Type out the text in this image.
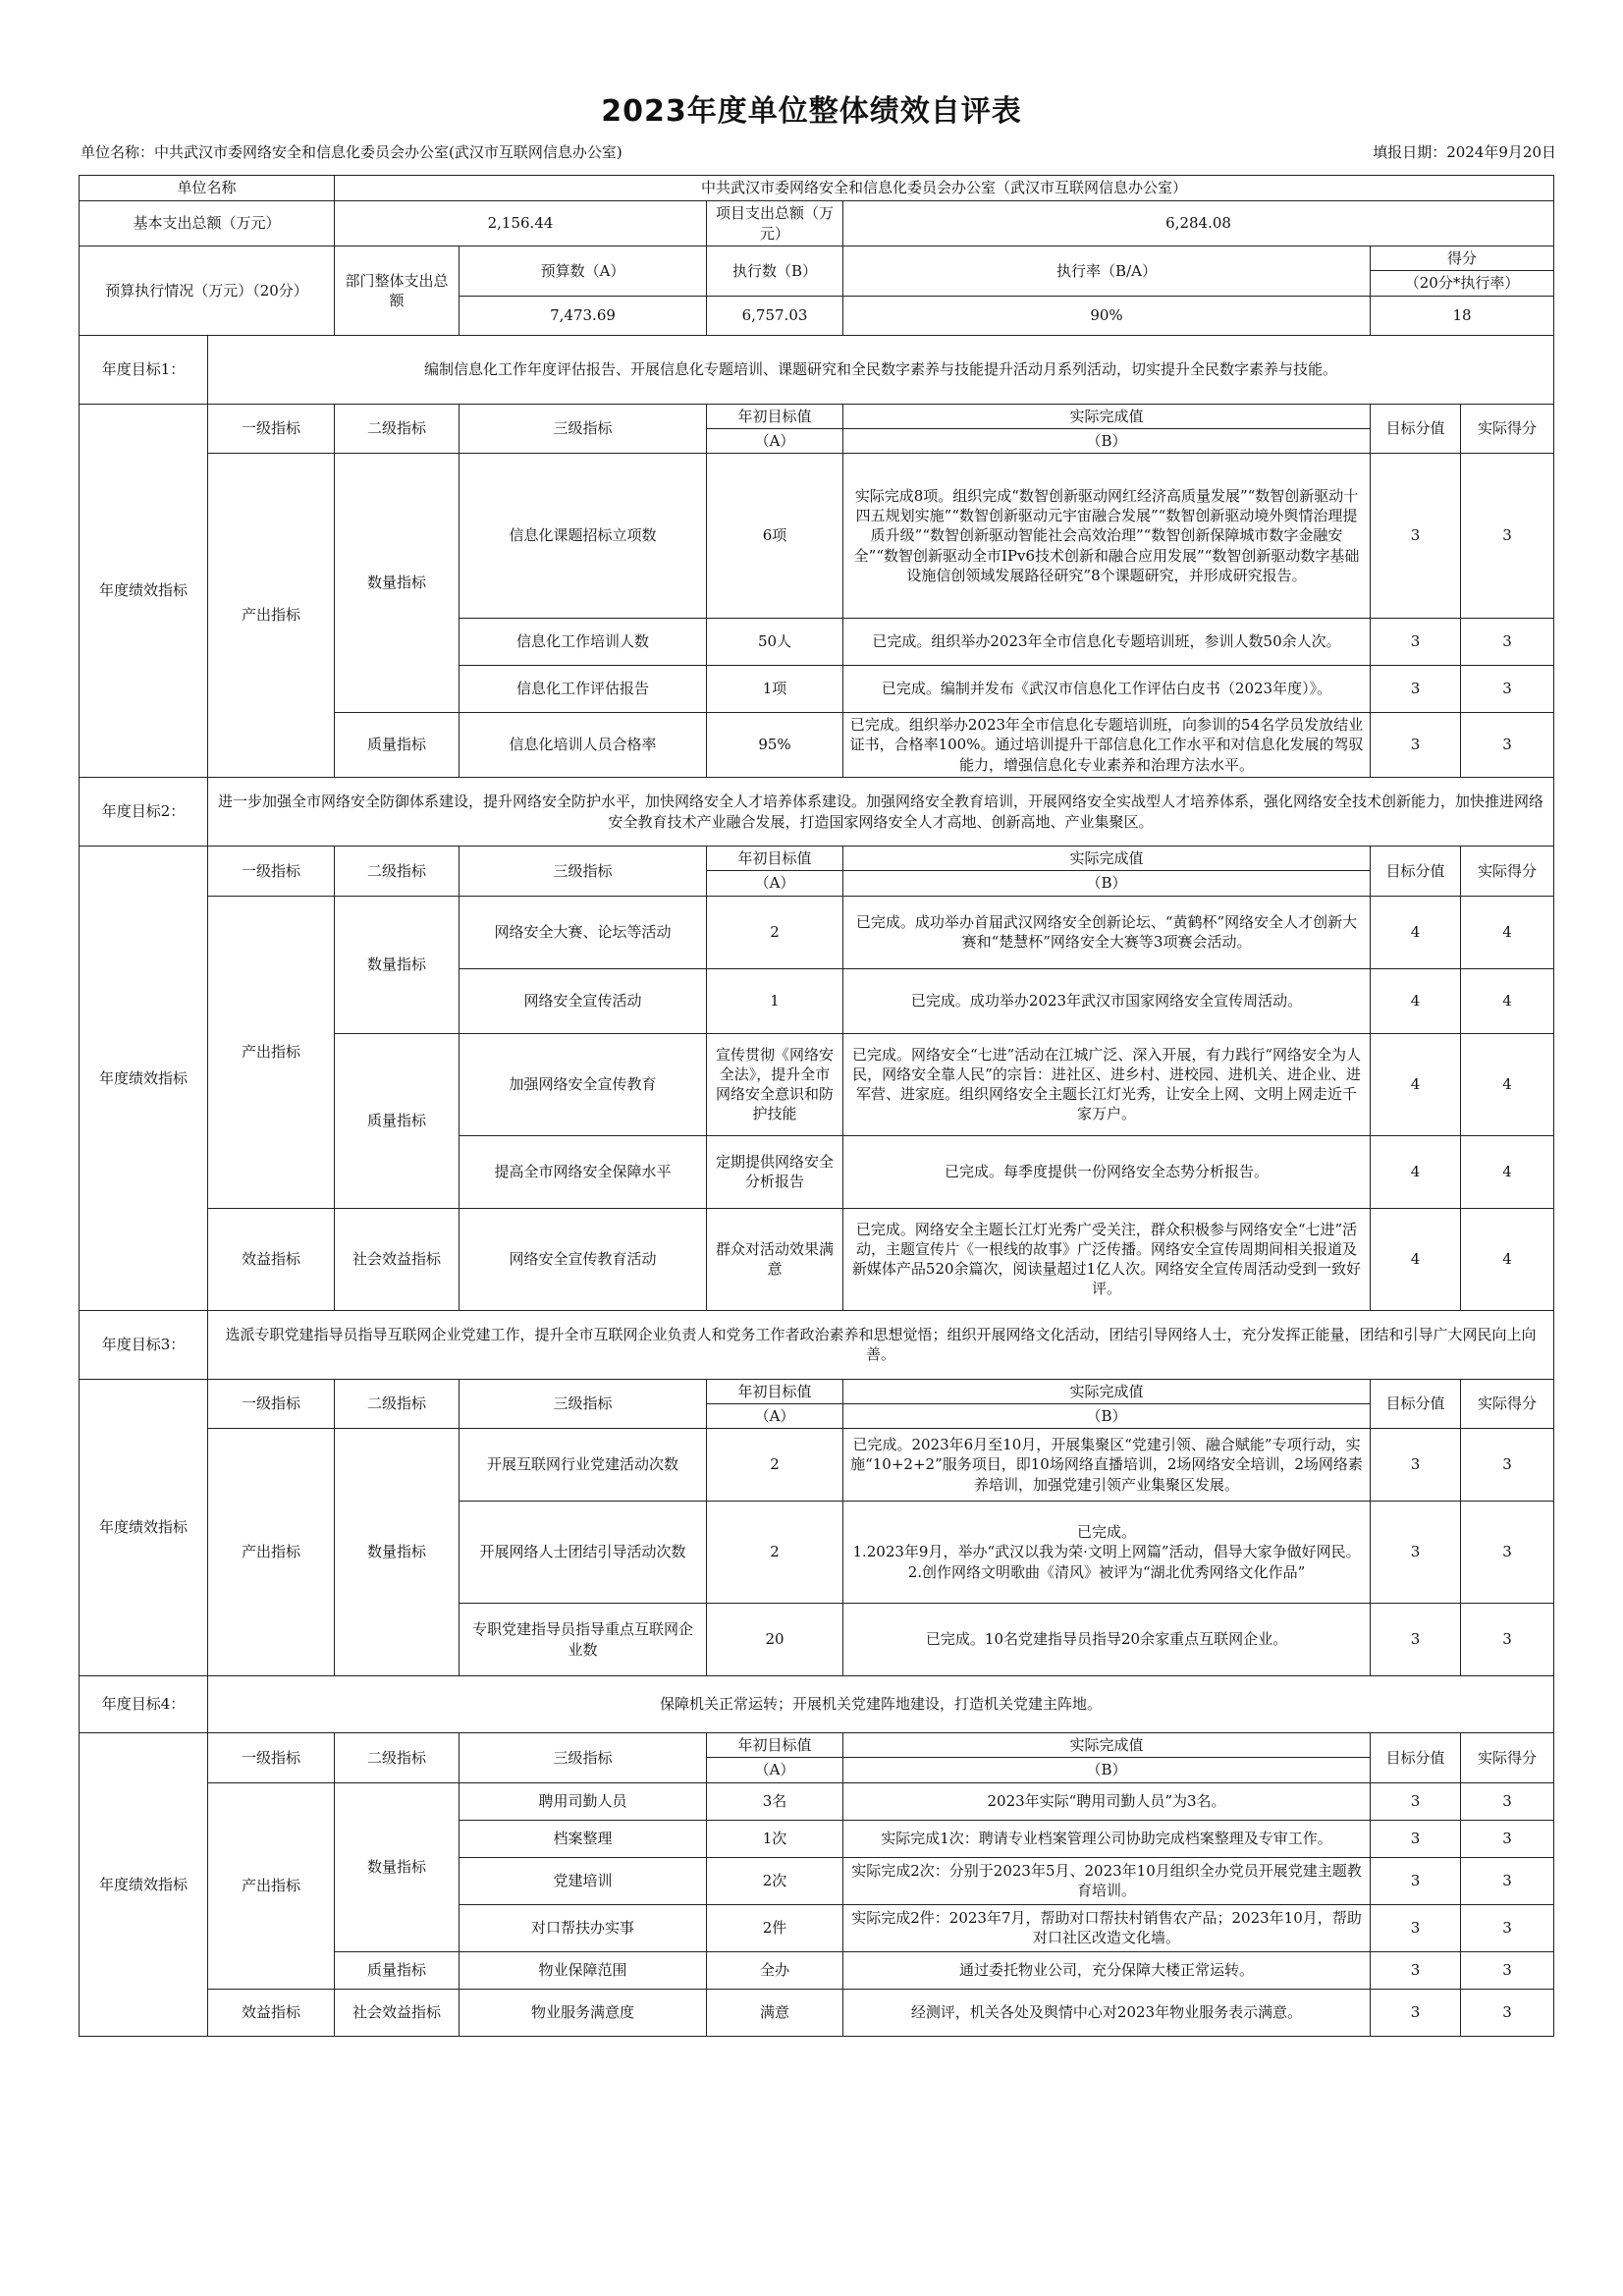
2023年度单位整体绩效自评表
单位名称：中共武汉市委网络安全和信息化委员会办公室(武汉市互联网信息办公室)	填报日期：2024年9月20日
单位名称		中共武汉市委网络安全和信息化委员会办公室（武汉市互联网信息办公室）					
基本支出总额（万元）		2,156.44		项目支出总额（万元）	6,284.08		
预算执行情况（万元）（20分）		部门整体支出总额	预算数（A）	执行数（B）	执行率（B/A）	得分	
						（20分*执行率）	
			7,473.69	6,757.03	90%	18	
年度目标1：	编制信息化工作年度评估报告、开展信息化专题培训、课题研究和全民数字素养与技能提升活动月系列活动，切实提升全民数字素养与技能。						
年度绩效指标	一级指标	二级指标	三级指标	年初目标值	实际完成值	目标分值	实际得分
				（A）	（B）		
	产出指标	数量指标	信息化课题招标立项数	6项	实际完成8项。组织完成“数智创新驱动网红经济高质量发展”“数智创新驱动十四五规划实施”“数智创新驱动元宇宙融合发展”“数智创新驱动境外舆情治理提质升级”“数智创新驱动智能社会高效治理”“数智创新保障城市数字金融安全”“数智创新驱动全市IPv6技术创新和融合应用发展”“数智创新驱动数字基础设施信创领域发展路径研究”8个课题研究，并形成研究报告。	3	3
			信息化工作培训人数	50人	已完成。组织举办2023年全市信息化专题培训班，参训人数50余人次。	3	3
			信息化工作评估报告	1项	已完成。编制并发布《武汉市信息化工作评估白皮书（2023年度）》。	3	3
		质量指标	信息化培训人员合格率	95%	已完成。组织举办2023年全市信息化专题培训班，向参训的54名学员发放结业证书，合格率100%。通过培训提升干部信息化工作水平和对信息化发展的驾驭能力，增强信息化专业素养和治理方法水平。	3	3
年度目标2：	进一步加强全市网络安全防御体系建设，提升网络安全防护水平，加快网络安全人才培养体系建设。加强网络安全教育培训，开展网络安全实战型人才培养体系，强化网络安全技术创新能力，加快推进网络安全教育技术产业融合发展，打造国家网络安全人才高地、创新高地、产业集聚区。						
年度绩效指标	一级指标	二级指标	三级指标	年初目标值	实际完成值	目标分值	实际得分
				（A）	（B）		
	产出指标	数量指标	网络安全大赛、论坛等活动	2	已完成。成功举办首届武汉网络安全创新论坛、“黄鹤杯”网络安全人才创新大赛和“楚慧杯”网络安全大赛等3项赛会活动。	4	4
			网络安全宣传活动	1	已完成。成功举办2023年武汉市国家网络安全宣传周活动。	4	4
		质量指标	加强网络安全宣传教育	宣传贯彻《网络安全法》，提升全市网络安全意识和防护技能	已完成。网络安全“七进”活动在江城广泛、深入开展，有力践行“网络安全为人民，网络安全靠人民”的宗旨：进社区、进乡村、进校园、进机关、进企业、进军营、进家庭。组织网络安全主题长江灯光秀，让安全上网、文明上网走近千家万户。	4	4
			提高全市网络安全保障水平	定期提供网络安全分析报告	已完成。每季度提供一份网络安全态势分析报告。	4	4
	效益指标	社会效益指标	网络安全宣传教育活动	群众对活动效果满意	已完成。网络安全主题长江灯光秀广受关注，群众积极参与网络安全“七进”活动，主题宣传片《一根线的故事》广泛传播。网络安全宣传周期间相关报道及新媒体产品520余篇次，阅读量超过1亿人次。网络安全宣传周活动受到一致好评。	4	4
年度目标3：	选派专职党建指导员指导互联网企业党建工作，提升全市互联网企业负责人和党务工作者政治素养和思想觉悟；组织开展网络文化活动，团结引导网络人士，充分发挥正能量，团结和引导广大网民向上向善。						
年度绩效指标	一级指标	二级指标	三级指标	年初目标值	实际完成值	目标分值	实际得分
				（A）	（B）		
	产出指标	数量指标	开展互联网行业党建活动次数	2	已完成。2023年6月至10月，开展集聚区“党建引领、融合赋能”专项行动，实施“10+2+2”服务项目，即10场网络直播培训，2场网络安全培训，2场网络素养培训，加强党建引领产业集聚区发展。	3	3
			开展网络人士团结引导活动次数	2	已完成。
1.2023年9月，举办“武汉以我为荣·文明上网篇”活动，倡导大家争做好网民。
2.创作网络文明歌曲《清风》被评为“湖北优秀网络文化作品”	3	3
			专职党建指导员指导重点互联网企业数	20	已完成。10名党建指导员指导20余家重点互联网企业。	3	3
年度目标4：	保障机关正常运转；开展机关党建阵地建设，打造机关党建主阵地。						
年度绩效指标	一级指标	二级指标	三级指标	年初目标值	实际完成值	目标分值	实际得分
				（A）	（B）		
	产出指标	数量指标	聘用司勤人员	3名	2023年实际“聘用司勤人员”为3名。	3	3
			档案整理	1次	实际完成1次：聘请专业档案管理公司协助完成档案整理及专审工作。	3	3
			党建培训	2次	实际完成2次：分别于2023年5月、2023年10月组织全办党员开展党建主题教育培训。	3	3
			对口帮扶办实事	2件	实际完成2件：2023年7月，帮助对口帮扶村销售农产品；2023年10月，帮助对口社区改造文化墙。	3	3
		质量指标	物业保障范围	全办	通过委托物业公司，充分保障大楼正常运转。	3	3
	效益指标	社会效益指标	物业服务满意度	满意	经测评，机关各处及舆情中心对2023年物业服务表示满意。	3	3
